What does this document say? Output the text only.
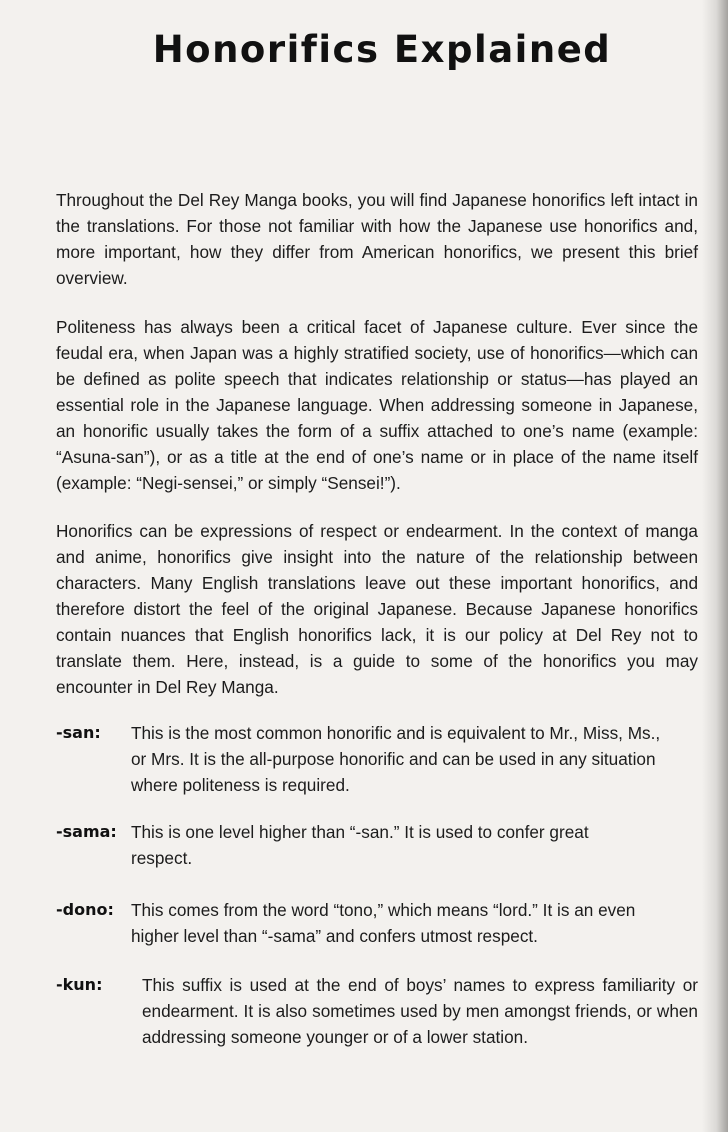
Honorifics Explained

Throughout the Del Rey Manga books, you will find Japanese honorifics left intact in the translations. For those not familiar with how the Japanese use honorifics and, more important, how they differ from American honorifics, we present this brief overview.

Politeness has always been a critical facet of Japanese culture. Ever since the feudal era, when Japan was a highly stratified society, use of honorifics—which can be defined as polite speech that indicates relationship or status—has played an essential role in the Japanese language. When addressing someone in Japanese, an honorific usually takes the form of a suffix attached to one’s name (example: “Asuna-san”), or as a title at the end of one’s name or in place of the name itself (example: “Negi-sensei,” or simply “Sensei!”).

Honorifics can be expressions of respect or endearment. In the context of manga and anime, honorifics give insight into the nature of the relationship between characters. Many English translations leave out these important honorifics, and therefore distort the feel of the original Japanese. Because Japanese honorifics contain nuances that English honorifics lack, it is our policy at Del Rey not to translate them. Here, instead, is a guide to some of the honorifics you may encounter in Del Rey Manga.

-san: This is the most common honorific and is equivalent to Mr., Miss, Ms., or Mrs. It is the all-purpose honorific and can be used in any situation where politeness is required.

-sama: This is one level higher than “-san.” It is used to confer great respect.

-dono: This comes from the word “tono,” which means “lord.” It is an even higher level than “-sama” and confers utmost respect.

-kun: This suffix is used at the end of boys’ names to express familiarity or endearment. It is also sometimes used by men amongst friends, or when addressing someone younger or of a lower station.
